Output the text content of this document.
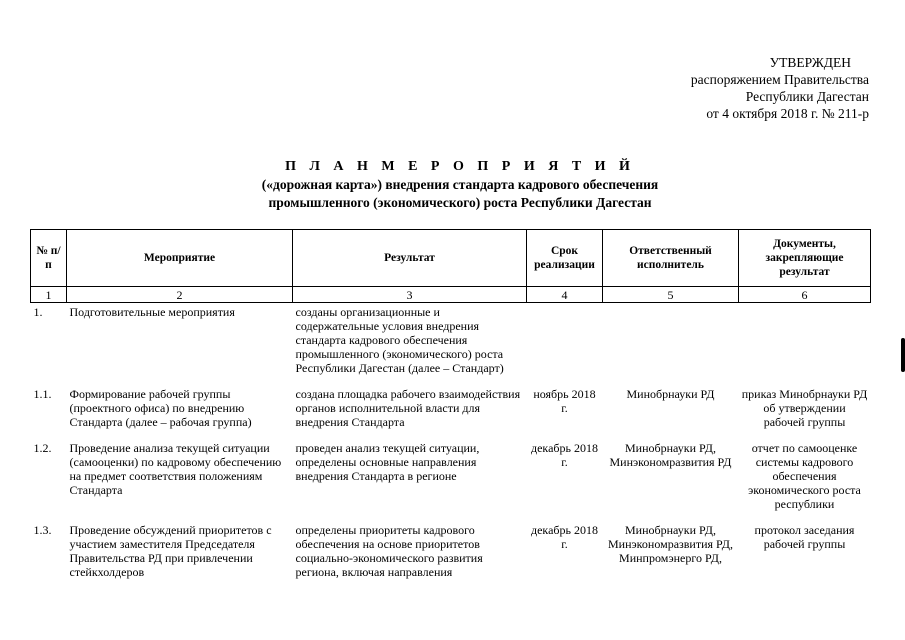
УТВЕРЖДЕН
распоряжением Правительства
Республики Дагестан
от 4 октября 2018 г. № 211-р
П Л А Н М Е Р О П Р И Я Т И Й
(«дорожная карта») внедрения стандарта кадрового обеспечения
промышленного (экономического) роста Республики Дагестан
№ п/п	Мероприятие	Результат	Срок реализации	Ответственный исполнитель	Документы, закрепляющие результат
1	2	3	4	5	6
1.	Подготовительные мероприятия	созданы организационные и содержательные условия внедрения стандарта кадрового обеспечения промышленного (экономического) роста Республики Дагестан (далее – Стандарт)			
1.1.	Формирование рабочей группы (проектного офиса) по внедрению Стандарта (далее – рабочая группа)	создана площадка рабочего взаимодействия органов исполнительной власти для внедрения Стандарта	ноябрь 2018 г.	Минобрнауки РД	приказ Минобрнауки РД об утверждении рабочей группы
1.2.	Проведение анализа текущей ситуации (самооценки) по кадровому обеспечению на предмет соответствия положениям Стандарта	проведен анализ текущей ситуации, определены основные направления внедрения Стандарта в регионе	декабрь 2018 г.	Минобрнауки РД, Минэкономразвития РД	отчет по самооценке системы кадрового обеспечения экономического роста республики
1.3.	Проведение обсуждений приоритетов с участием заместителя Председателя Правительства РД при привлечении стейкхолдеров	определены приоритеты кадрового обеспечения на основе приоритетов социально-экономического развития региона, включая направления	декабрь 2018 г.	Минобрнауки РД, Минэкономразвития РД, Минпромэнерго РД,	протокол заседания рабочей группы
